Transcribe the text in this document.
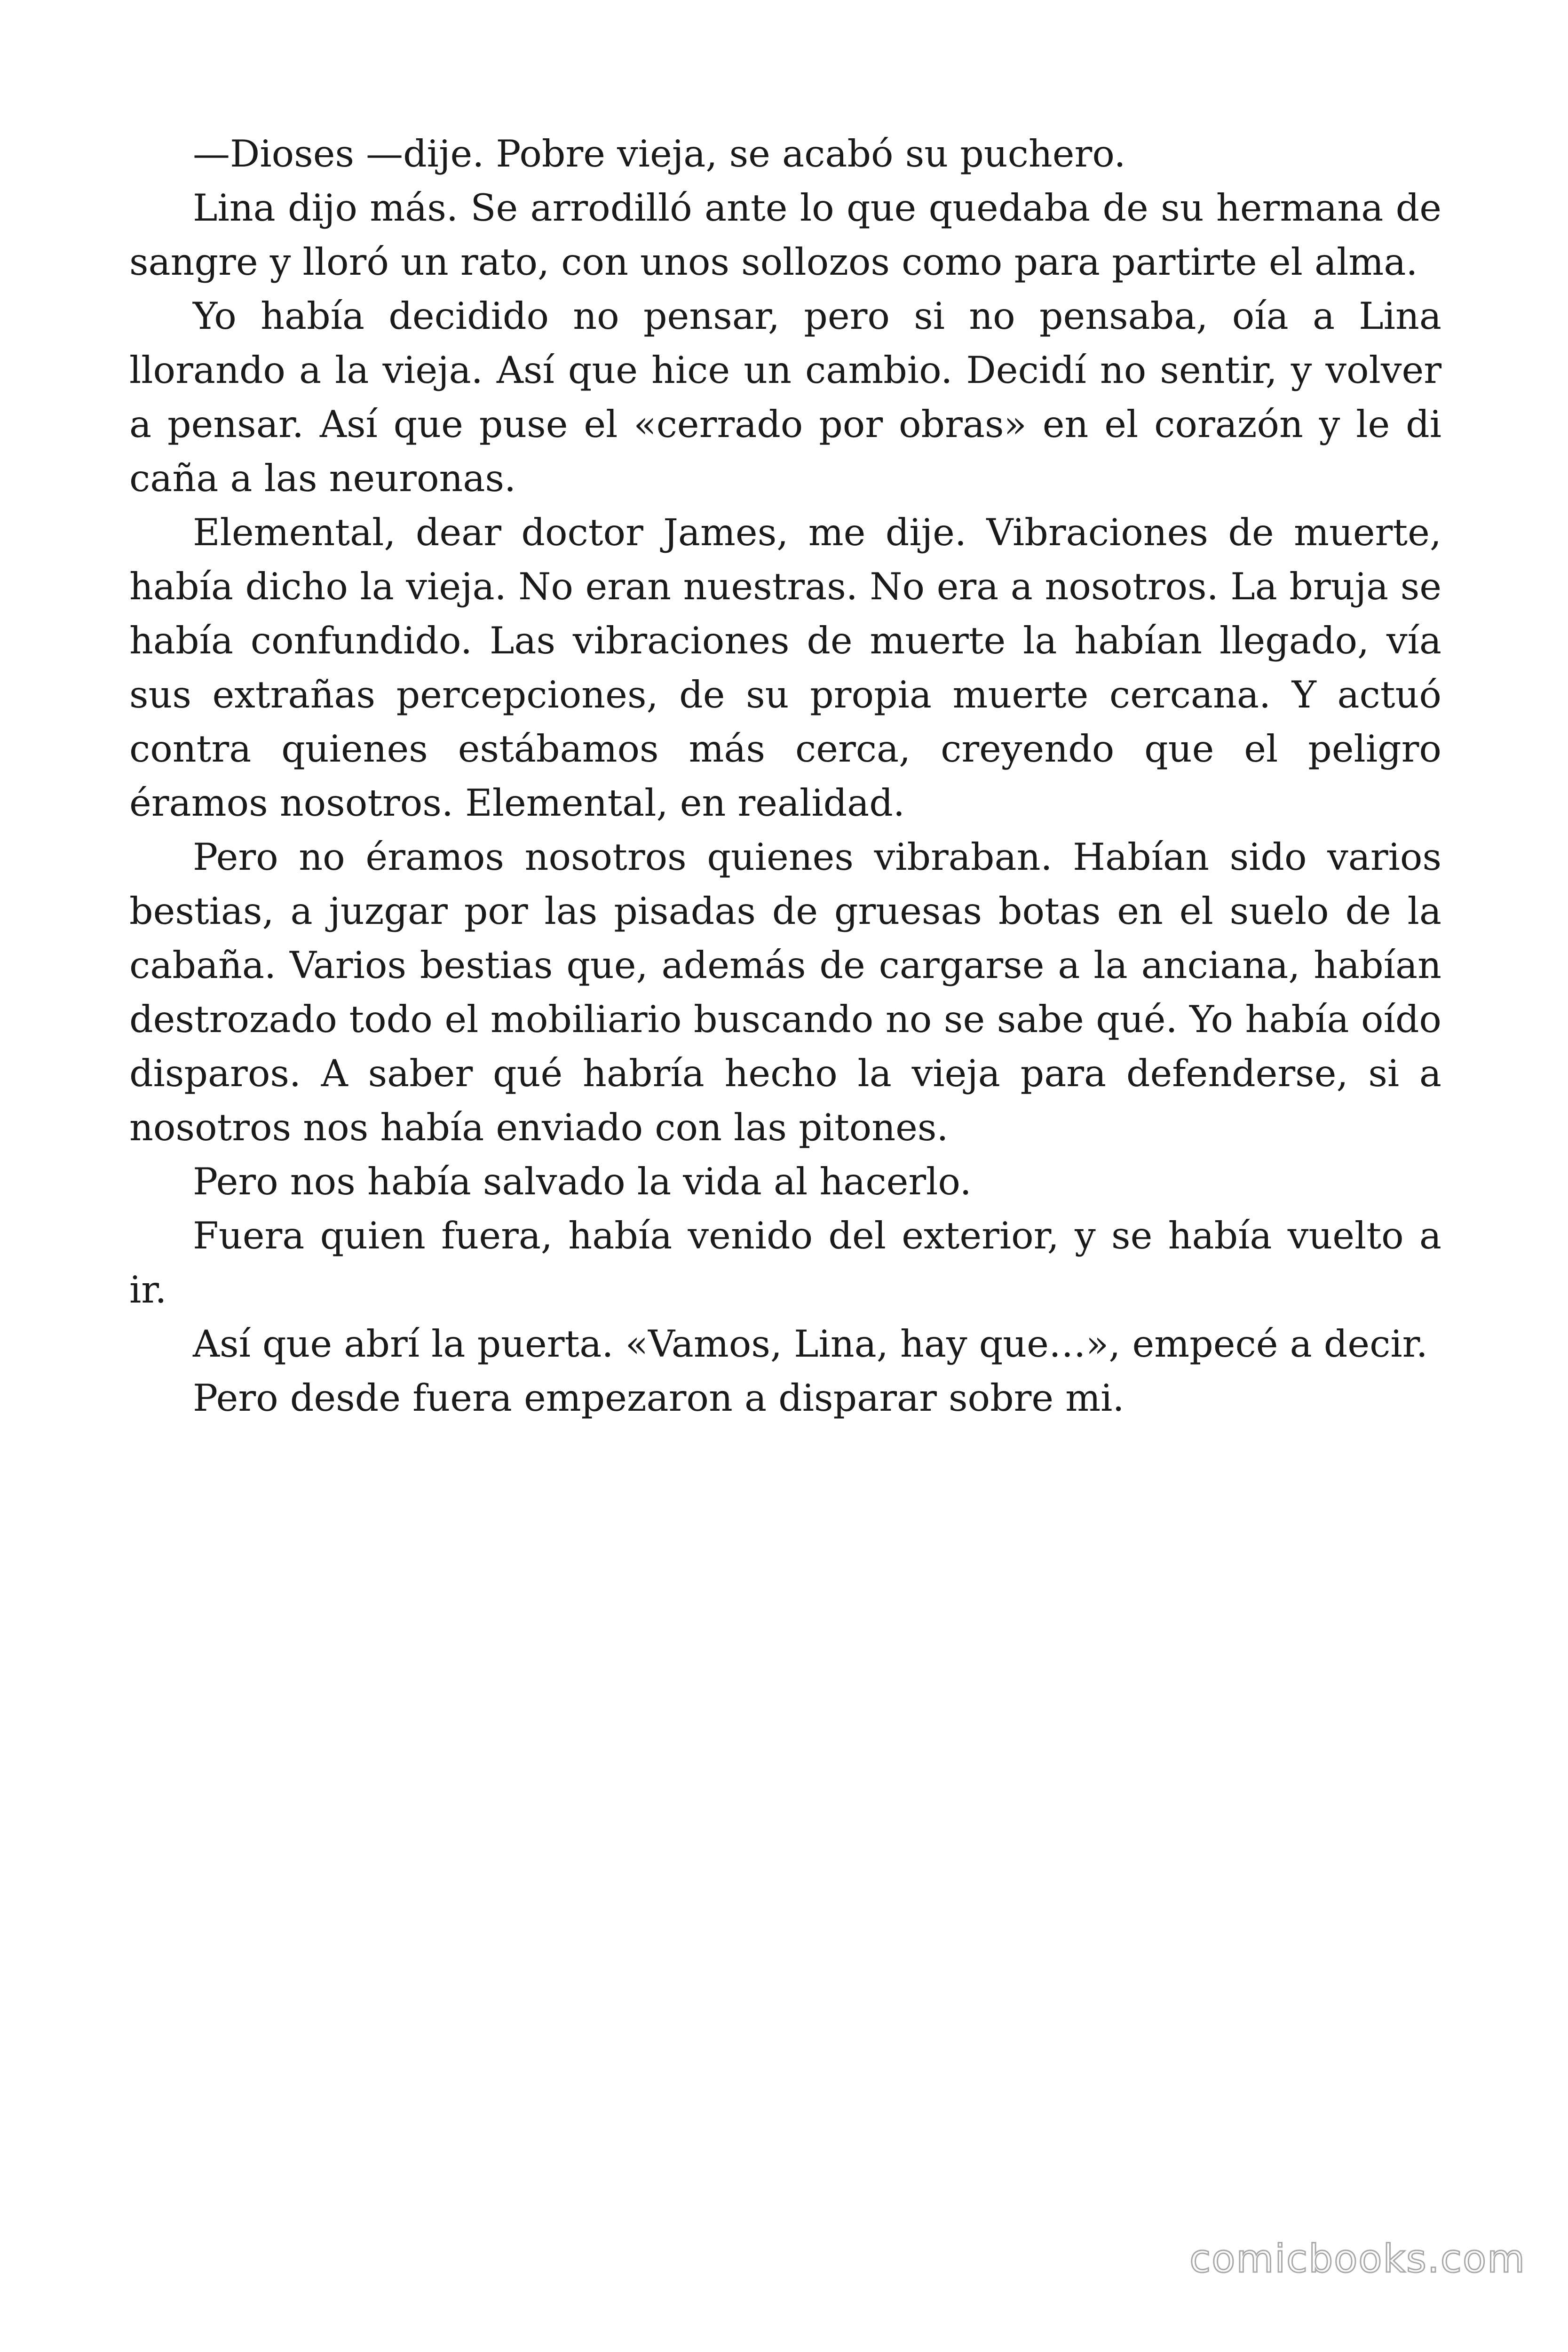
—Dioses —dije. Pobre vieja, se acabó su puchero.

Lina dijo más. Se arrodilló ante lo que quedaba de su hermana de sangre y lloró un rato, con unos sollozos como para partirte el alma.

Yo había decidido no pensar, pero si no pensaba, oía a Lina llorando a la vieja. Así que hice un cambio. Decidí no sentir, y volver a pensar. Así que puse el «cerrado por obras» en el corazón y le di caña a las neuronas.

Elemental, dear doctor James, me dije. Vibraciones de muerte, había dicho la vieja. No eran nuestras. No era a nosotros. La bruja se había confundido. Las vibraciones de muerte la habían llegado, vía sus extrañas percepciones, de su propia muerte cercana. Y actuó contra quienes estábamos más cerca, creyendo que el peligro éramos nosotros. Elemental, en realidad.

Pero no éramos nosotros quienes vibraban. Habían sido varios bestias, a juzgar por las pisadas de gruesas botas en el suelo de la cabaña. Varios bestias que, además de cargarse a la anciana, habían destrozado todo el mobiliario buscando no se sabe qué. Yo había oído disparos. A saber qué habría hecho la vieja para defenderse, si a nosotros nos había enviado con las pitones.

Pero nos había salvado la vida al hacerlo.

Fuera quien fuera, había venido del exterior, y se había vuelto a ir.

Así que abrí la puerta. «Vamos, Lina, hay que…», empecé a decir.

Pero desde fuera empezaron a disparar sobre mi.

comicbooks.com
